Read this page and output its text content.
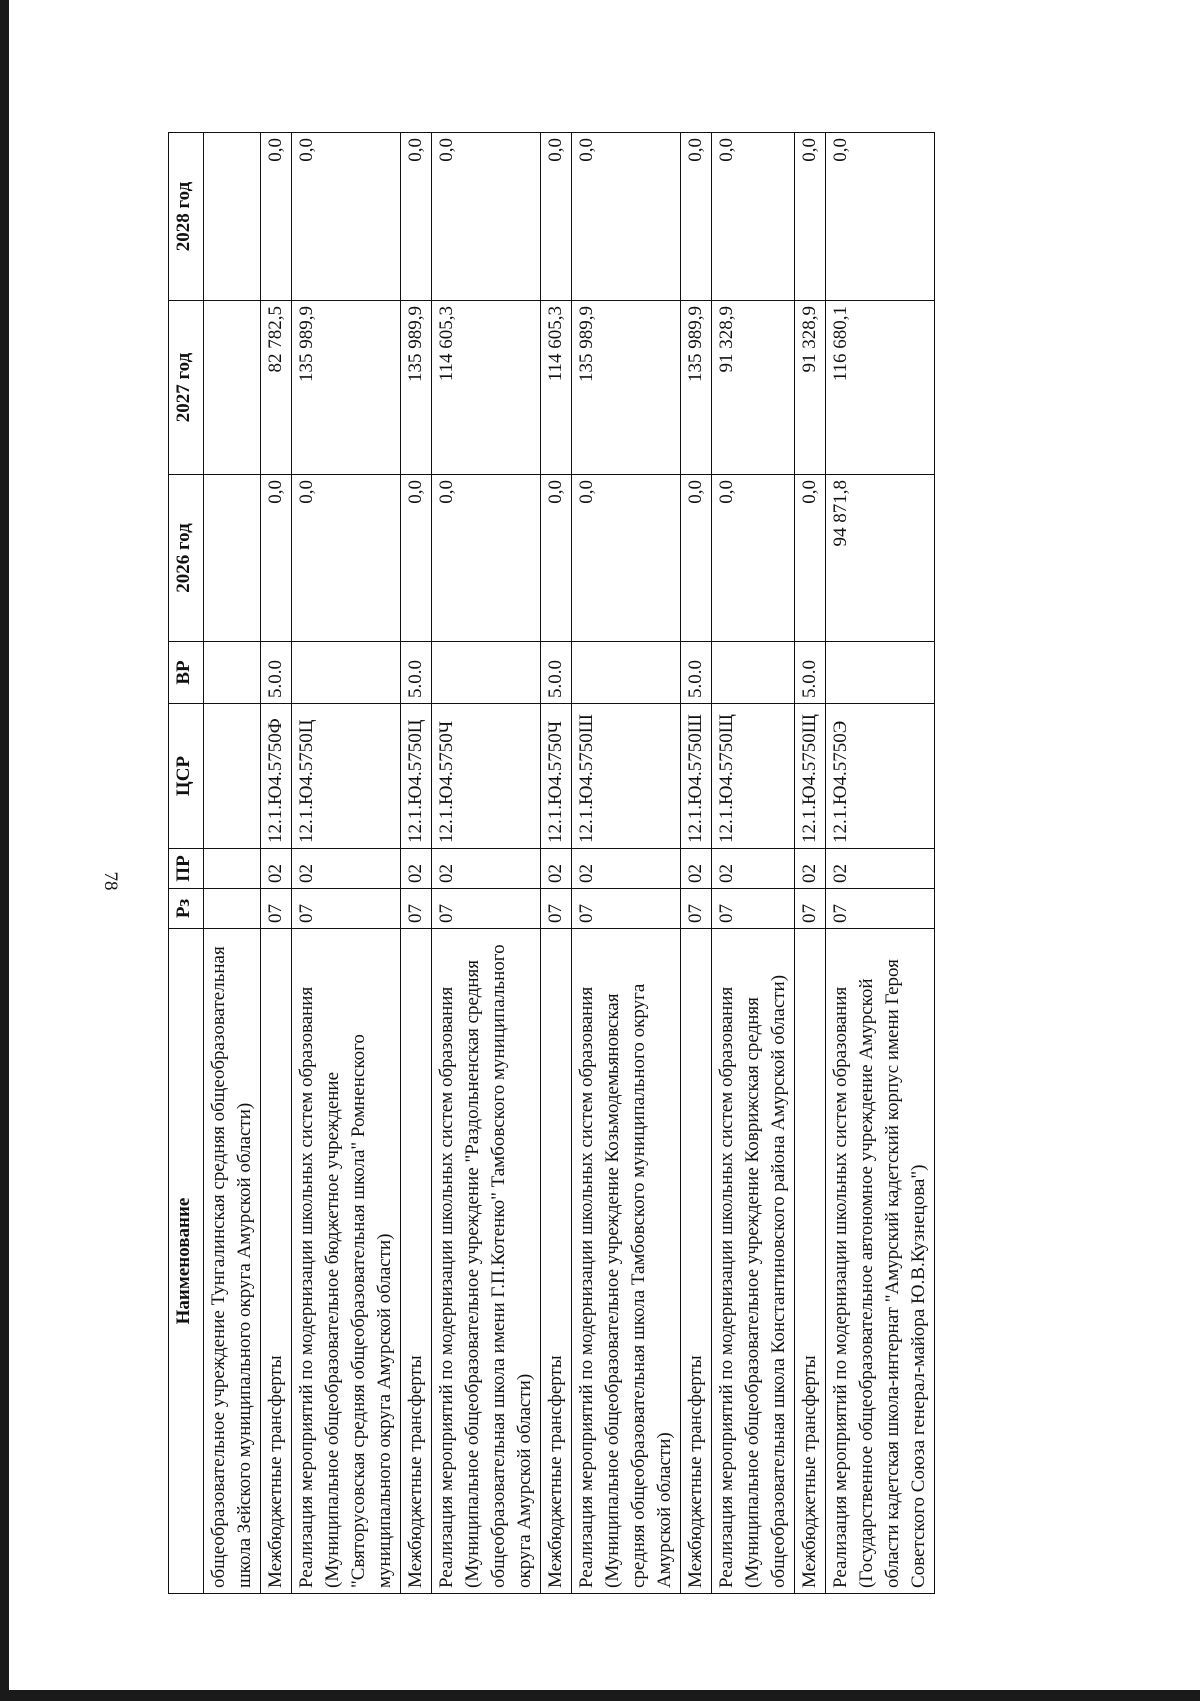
78
Наименование	Рз	ПР	ЦСР	ВР	2026 год	2027 год	2028 год
общеобразовательное учреждение Тунгалинская средняя общеобразовательная школа Зейского муниципального округа Амурской области)							
Межбюджетные трансферты	07	02	12.1.Ю4.5750Ф	5.0.0	0,0	82 782,5	0,0
Реализация мероприятий по модернизации школьных систем образования (Муниципальное общеобразовательное бюджетное учреждение "Святорусовская средняя общеобразовательная школа" Ромненского муниципального округа Амурской области)	07	02	12.1.Ю4.5750Ц		0,0	135 989,9	0,0
Межбюджетные трансферты	07	02	12.1.Ю4.5750Ц	5.0.0	0,0	135 989,9	0,0
Реализация мероприятий по модернизации школьных систем образования (Муниципальное общеобразовательное учреждение "Раздольненская средняя общеобразовательная школа имени Г.П.Котенко" Тамбовского муниципального округа Амурской области)	07	02	12.1.Ю4.5750Ч		0,0	114 605,3	0,0
Межбюджетные трансферты	07	02	12.1.Ю4.5750Ч	5.0.0	0,0	114 605,3	0,0
Реализация мероприятий по модернизации школьных систем образования (Муниципальное общеобразовательное учреждение Козьмодемьяновская средняя общеобразовательная школа Тамбовского муниципального округа Амурской области)	07	02	12.1.Ю4.5750Ш		0,0	135 989,9	0,0
Межбюджетные трансферты	07	02	12.1.Ю4.5750Ш	5.0.0	0,0	135 989,9	0,0
Реализация мероприятий по модернизации школьных систем образования (Муниципальное общеобразовательное учреждение Коврижская средняя общеобразовательная школа Константиновского района Амурской области)	07	02	12.1.Ю4.5750Щ		0,0	91 328,9	0,0
Межбюджетные трансферты	07	02	12.1.Ю4.5750Щ	5.0.0	0,0	91 328,9	0,0
Реализация мероприятий по модернизации школьных систем образования (Государственное общеобразовательное автономное учреждение Амурской области кадетская школа-интернат "Амурский кадетский корпус имени Героя Советского Союза генерал-майора Ю.В.Кузнецова")	07	02	12.1.Ю4.5750Э		94 871,8	116 680,1	0,0
